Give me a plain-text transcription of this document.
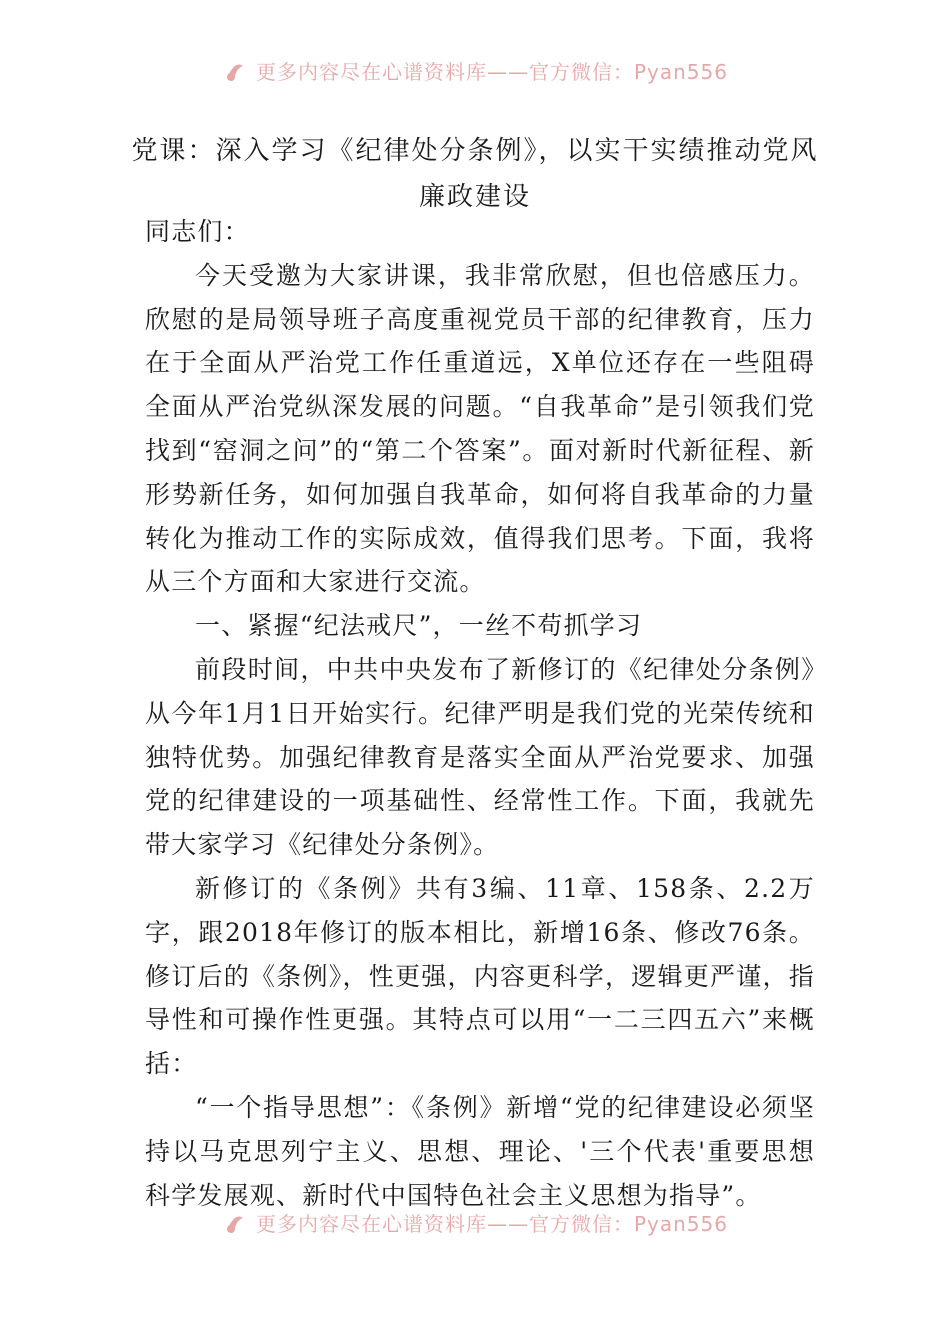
更多内容尽在心谱资料库——官方微信：Pyan556
党课：深入学习《纪律处分条例》，以实干实绩推动党风廉政建设

同志们：

今天受邀为大家讲课，我非常欣慰，但也倍感压力。欣慰的是局领导班子高度重视党员干部的纪律教育，压力在于全面从严治党工作任重道远，X单位还存在一些阻碍全面从严治党纵深发展的问题。“自我革命”是引领我们党找到“窑洞之问”的“第二个答案”。面对新时代新征程、新形势新任务，如何加强自我革命，如何将自我革命的力量转化为推动工作的实际成效，值得我们思考。下面，我将从三个方面和大家进行交流。

一、紧握“纪法戒尺”，一丝不苟抓学习

前段时间，中共中央发布了新修订的《纪律处分条例》从今年1月1日开始实行。纪律严明是我们党的光荣传统和独特优势。加强纪律教育是落实全面从严治党要求、加强党的纪律建设的一项基础性、经常性工作。下面，我就先带大家学习《纪律处分条例》。

新修订的《条例》共有3编、11章、158条、2.2万字，跟2018年修订的版本相比，新增16条、修改76条。修订后的《条例》，性更强，内容更科学，逻辑更严谨，指导性和可操作性更强。其特点可以用“一二三四五六”来概括：

“一个指导思想”：《条例》新增“党的纪律建设必须坚持以马克思列宁主义、思想、理论、'三个代表'重要思想科学发展观、新时代中国特色社会主义思想为指导”。

更多内容尽在心谱资料库——官方微信：Pyan556
